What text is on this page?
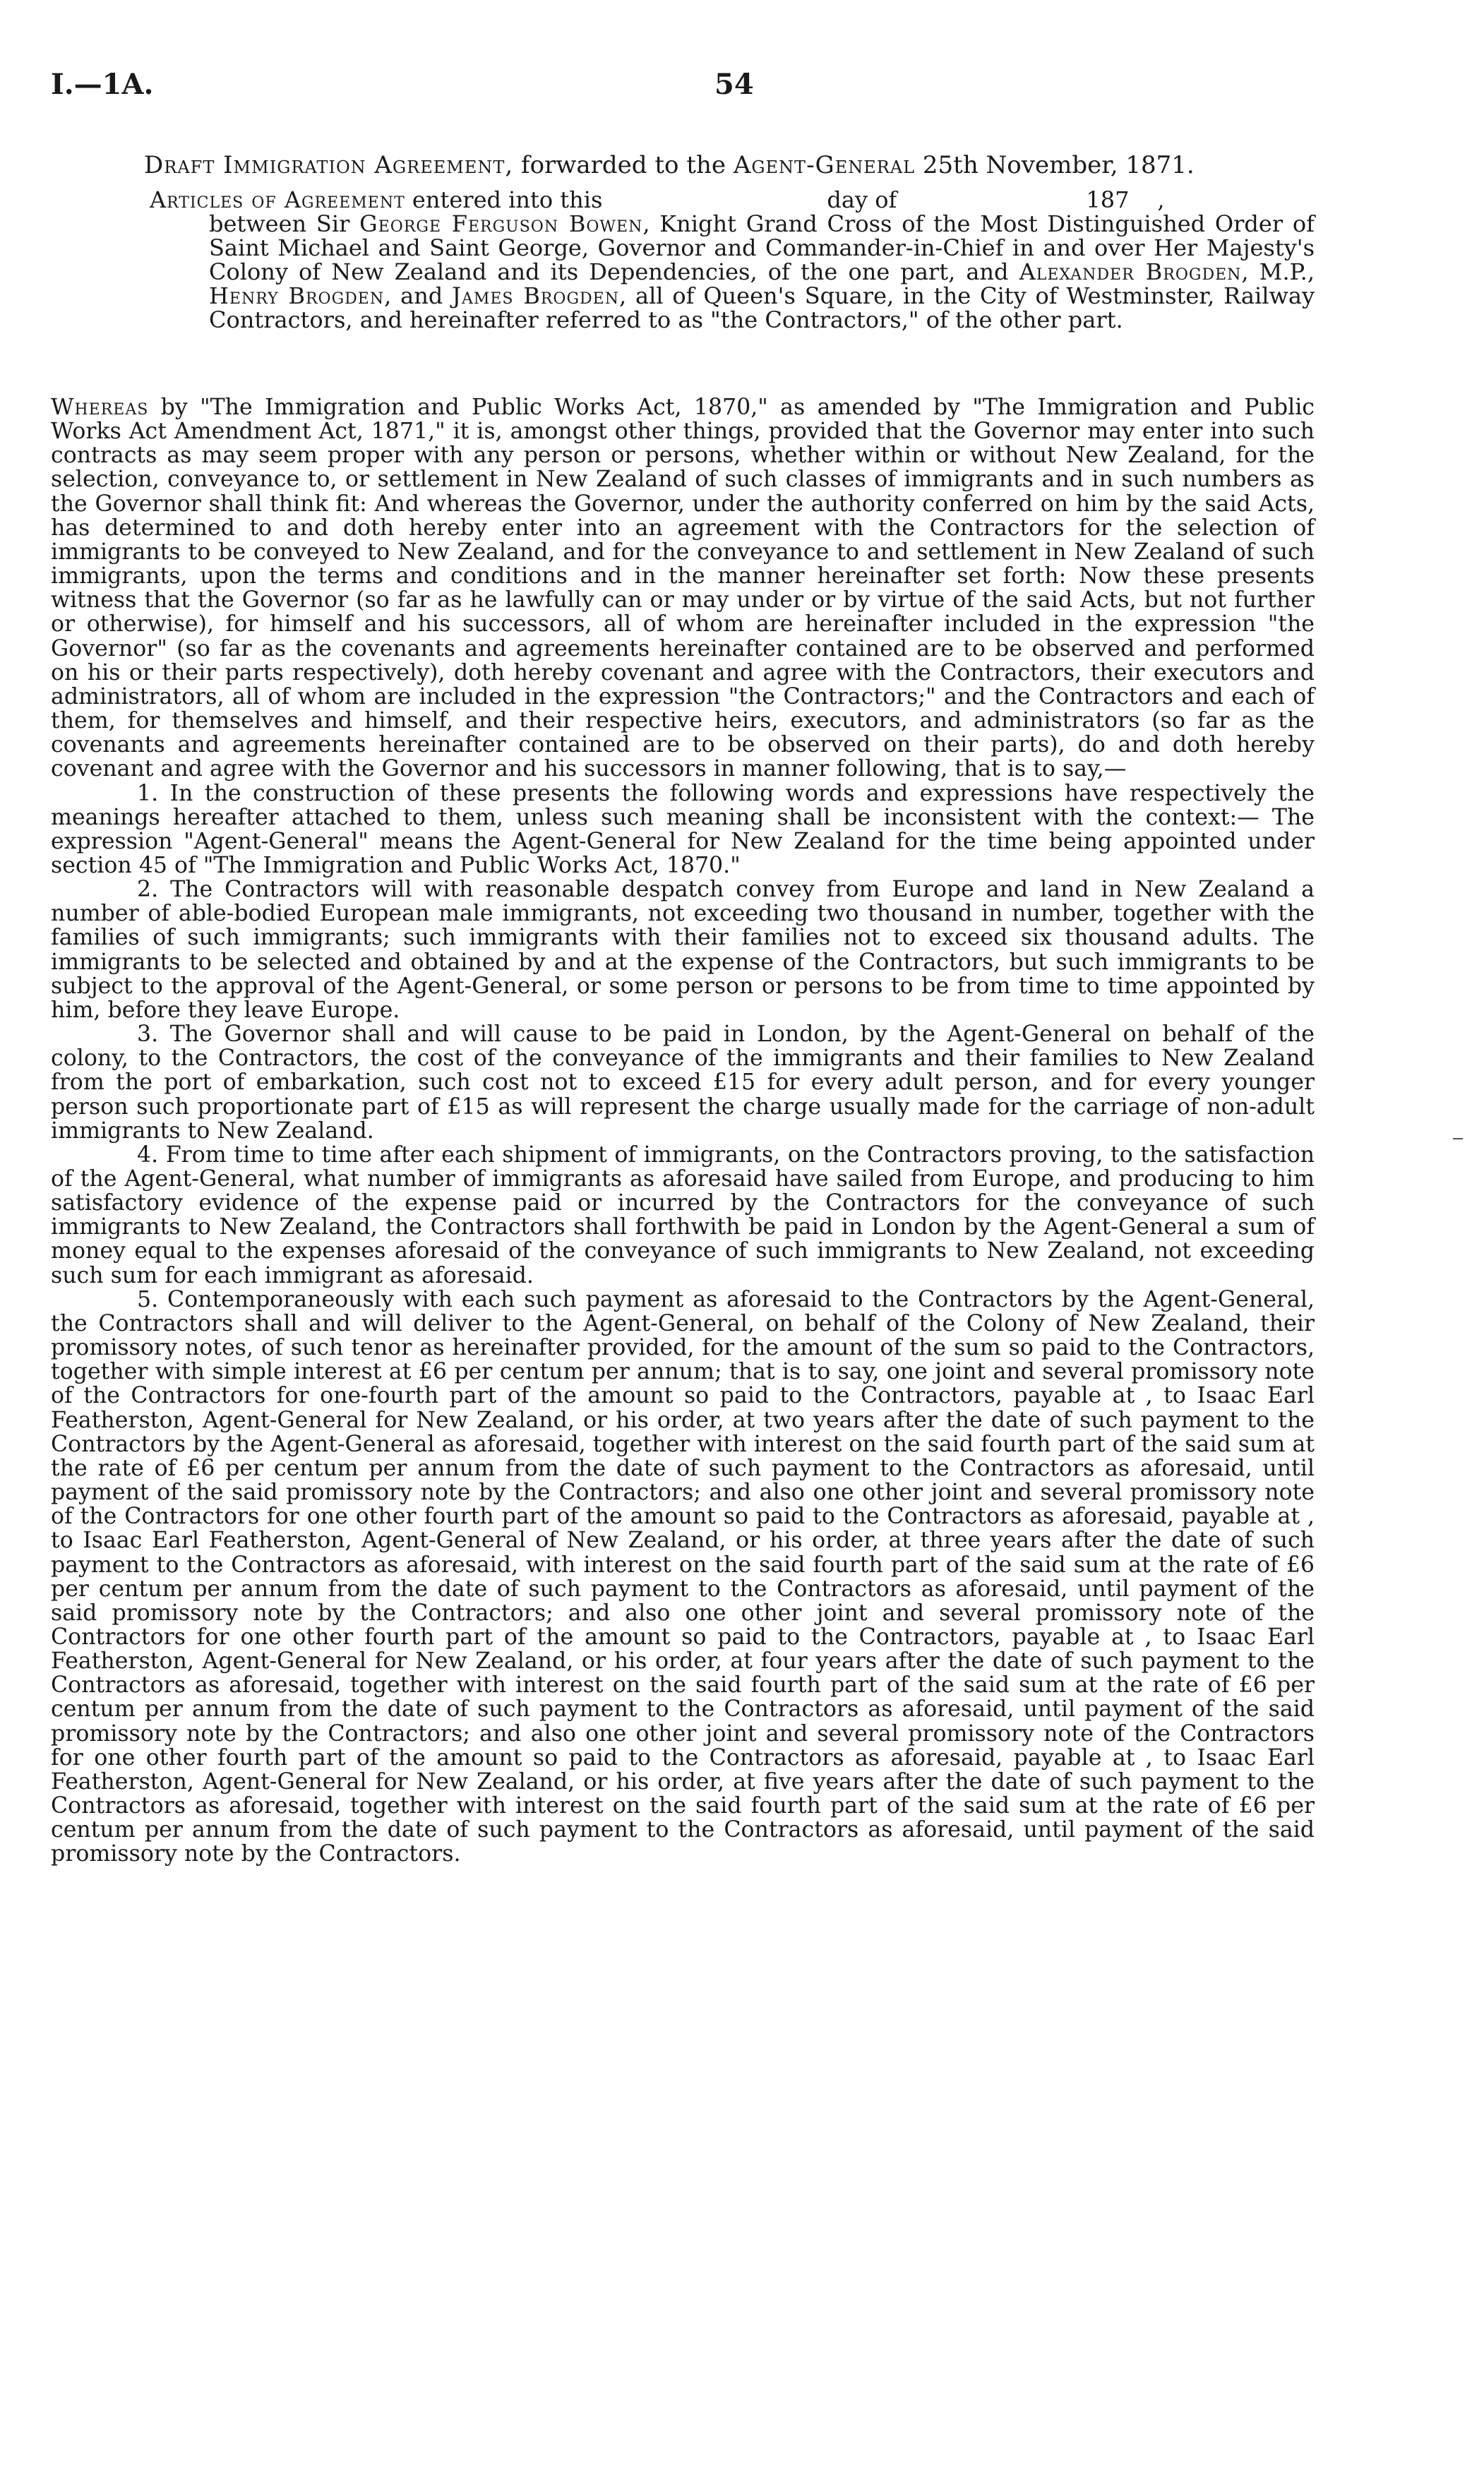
I.—1A.	54
Draft Immigration Agreement, forwarded to the Agent-General 25th November, 1871.
Articles of Agreement entered into this	day of	187 ,
between Sir George Ferguson Bowen, Knight Grand Cross of the Most Distinguished Order of Saint Michael and Saint George, Governor and Commander-in-Chief in and over Her Majesty's Colony of New Zealand and its Dependencies, of the one part, and Alexander Brogden, M.P., Henry Brogden, and James Brogden, all of Queen's Square, in the City of Westminster, Railway Contractors, and hereinafter referred to as "the Contractors," of the other part.

Whereas by "The Immigration and Public Works Act, 1870," as amended by "The Immigration and Public Works Act Amendment Act, 1871," it is, amongst other things, provided that the Governor may enter into such contracts as may seem proper with any person or persons, whether within or without New Zealand, for the selection, conveyance to, or settlement in New Zealand of such classes of immigrants and in such numbers as the Governor shall think fit: And whereas the Governor, under the authority conferred on him by the said Acts, has determined to and doth hereby enter into an agreement with the Contractors for the selection of immigrants to be conveyed to New Zealand, and for the conveyance to and settlement in New Zealand of such immigrants, upon the terms and conditions and in the manner hereinafter set forth: Now these presents witness that the Governor (so far as he lawfully can or may under or by virtue of the said Acts, but not further or otherwise), for himself and his successors, all of whom are hereinafter included in the expression "the Governor" (so far as the covenants and agreements hereinafter contained are to be observed and performed on his or their parts respectively), doth hereby covenant and agree with the Contractors, their executors and administrators, all of whom are included in the expression "the Contractors;" and the Contractors and each of them, for themselves and himself, and their respective heirs, executors, and administrators (so far as the covenants and agreements hereinafter contained are to be observed on their parts), do and doth hereby covenant and agree with the Governor and his successors in manner following, that is to say,—

1. In the construction of these presents the following words and expressions have respectively the meanings hereafter attached to them, unless such meaning shall be inconsistent with the context:— The expression "Agent-General" means the Agent-General for New Zealand for the time being appointed under section 45 of "The Immigration and Public Works Act, 1870."

2. The Contractors will with reasonable despatch convey from Europe and land in New Zealand a number of able-bodied European male immigrants, not exceeding two thousand in number, together with the families of such immigrants; such immigrants with their families not to exceed six thousand adults. The immigrants to be selected and obtained by and at the expense of the Contractors, but such immigrants to be subject to the approval of the Agent-General, or some person or persons to be from time to time appointed by him, before they leave Europe.

3. The Governor shall and will cause to be paid in London, by the Agent-General on behalf of the colony, to the Contractors, the cost of the conveyance of the immigrants and their families to New Zealand from the port of embarkation, such cost not to exceed £15 for every adult person, and for every younger person such proportionate part of £15 as will represent the charge usually made for the carriage of non-adult immigrants to New Zealand.

4. From time to time after each shipment of immigrants, on the Contractors proving, to the satisfaction of the Agent-General, what number of immigrants as aforesaid have sailed from Europe, and producing to him satisfactory evidence of the expense paid or incurred by the Contractors for the conveyance of such immigrants to New Zealand, the Contractors shall forthwith be paid in London by the Agent-General a sum of money equal to the expenses aforesaid of the conveyance of such immigrants to New Zealand, not exceeding such sum for each immigrant as aforesaid.

5. Contemporaneously with each such payment as aforesaid to the Contractors by the Agent-General, the Contractors shall and will deliver to the Agent-General, on behalf of the Colony of New Zealand, their promissory notes, of such tenor as hereinafter provided, for the amount of the sum so paid to the Contractors, together with simple interest at £6 per centum per annum; that is to say, one joint and several promissory note of the Contractors for one-fourth part of the amount so paid to the Contractors, payable at , to Isaac Earl Featherston, Agent-General for New Zealand, or his order, at two years after the date of such payment to the Contractors by the Agent-General as aforesaid, together with interest on the said fourth part of the said sum at the rate of £6 per centum per annum from the date of such payment to the Contractors as aforesaid, until payment of the said promissory note by the Contractors; and also one other joint and several promissory note of the Contractors for one other fourth part of the amount so paid to the Contractors as aforesaid, payable at , to Isaac Earl Featherston, Agent-General of New Zealand, or his order, at three years after the date of such payment to the Contractors as aforesaid, with interest on the said fourth part of the said sum at the rate of £6 per centum per annum from the date of such payment to the Contractors as aforesaid, until payment of the said promissory note by the Contractors; and also one other joint and several promissory note of the Contractors for one other fourth part of the amount so paid to the Contractors, payable at , to Isaac Earl Featherston, Agent-General for New Zealand, or his order, at four years after the date of such payment to the Contractors as aforesaid, together with interest on the said fourth part of the said sum at the rate of £6 per centum per annum from the date of such payment to the Contractors as aforesaid, until payment of the said promissory note by the Contractors; and also one other joint and several promissory note of the Contractors for one other fourth part of the amount so paid to the Contractors as aforesaid, payable at , to Isaac Earl Featherston, Agent-General for New Zealand, or his order, at five years after the date of such payment to the Contractors as aforesaid, together with interest on the said fourth part of the said sum at the rate of £6 per centum per annum from the date of such payment to the Contractors as aforesaid, until payment of the said promissory note by the Contractors.
